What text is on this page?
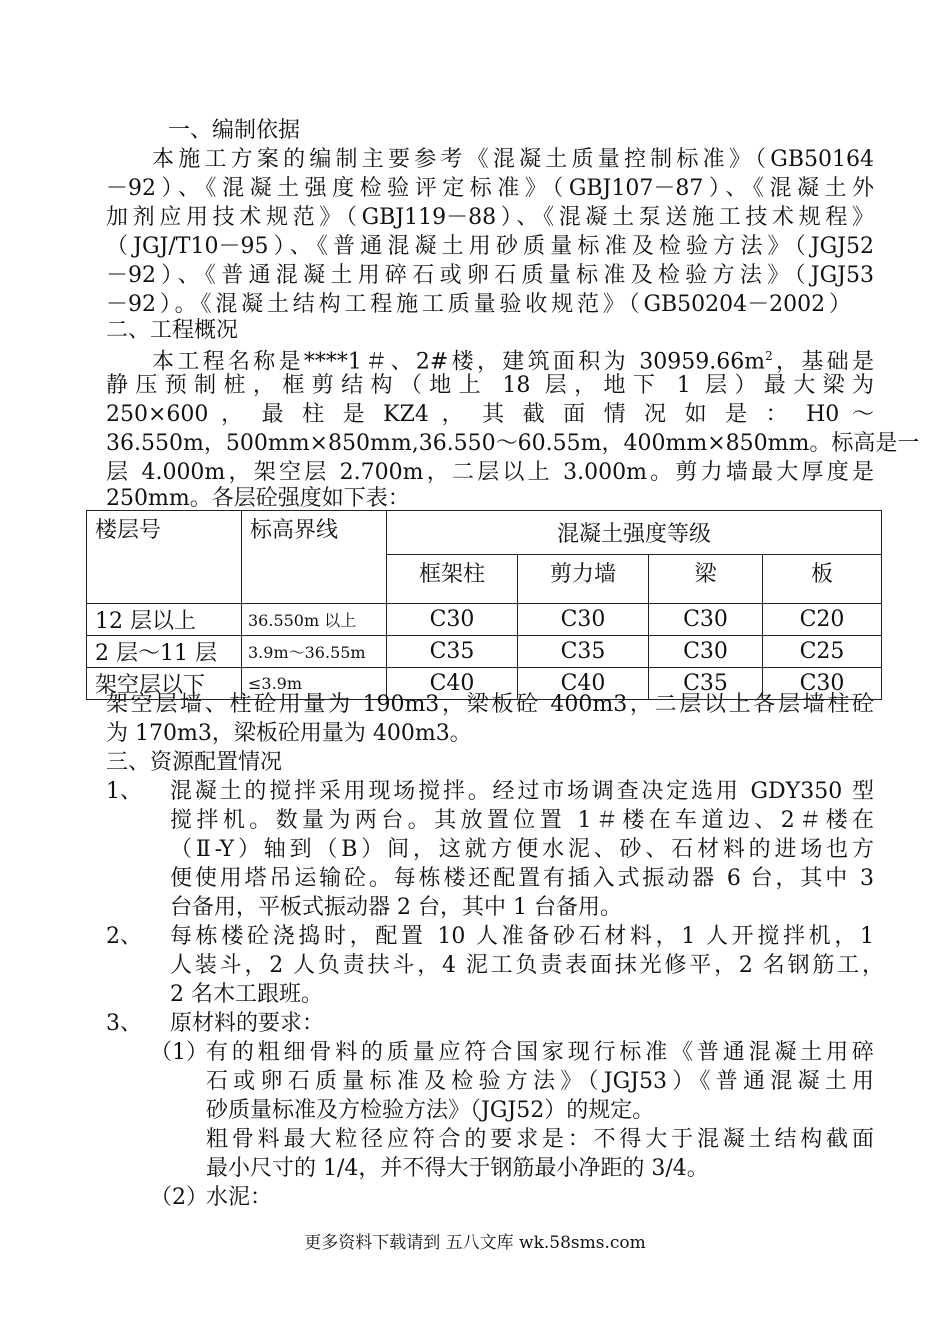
一、编制依据
本施工方案的编制主要参考《混凝土质量控制标准》（GB50164
－92）、《混凝土强度检验评定标准》（GBJ107－87）、《混凝土外
加剂应用技术规范》（GBJ119－88）、《混凝土泵送施工技术规程》
（JGJ/T10－95）、《普通混凝土用砂质量标准及检验方法》（JGJ52
－92）、《普通混凝土用碎石或卵石质量标准及检验方法》（JGJ53
－92）。《混凝土结构工程施工质量验收规范》（GB50204－2002）
二、工程概况
本工程名称是****1＃、2#楼，建筑面积为 $30959.66m^2$，基础是
静压预制桩，框剪结构（地上 18 层，地下 1 层）最大梁为
250×600 ， 最 柱 是 KZ4 ， 其 截 面 情 况 如 是 ： H0 ～
36.550m，500mm×850mm,36.550～60.55m，400mm×850mm。标高是一
层 4.000m，架空层 2.700m，二层以上 3.000m。剪力墙最大厚度是
250mm。各层砼强度如下表：
楼层号	标高界线	混凝土强度等级			
		框架柱	剪力墙	梁	板
12 层以上	36.550m 以上	C30	C30	C30	C20
2 层～11 层	3.9m～36.55m	C35	C35	C30	C25
架空层以下	≤3.9m	C40	C40	C35	C30
架空层墙、柱砼用量为 190m3，梁板砼 400m3，二层以上各层墙柱砼
为 170m3，梁板砼用量为 400m3。
三、资源配置情况
1、 混凝土的搅拌采用现场搅拌。经过市场调查决定选用 GDY350 型
搅拌机。数量为两台。其放置位置 1＃楼在车道边、2＃楼在
（Ⅱ-Y）轴到（B）间，这就方便水泥、砂、石材料的进场也方
便使用塔吊运输砼。每栋楼还配置有插入式振动器 6 台，其中 3
台备用，平板式振动器 2 台，其中 1 台备用。
2、 每栋楼砼浇捣时，配置 10 人准备砂石材料，1 人开搅拌机，1
人装斗，2 人负责扶斗，4 泥工负责表面抹光修平，2 名钢筋工，
2 名木工跟班。
3、 原材料的要求：
（1）
有的粗细骨料的质量应符合国家现行标准《普通混凝土用碎
石或卵石质量标准及检验方法》（JGJ53）《普通混凝土用
砂质量标准及方检验方法》（JGJ52）的规定。
粗骨料最大粒径应符合的要求是：不得大于混凝土结构截面
最小尺寸的 1/4，并不得大于钢筋最小净距的 3/4。
（2）
水泥：
更多资料下载请到 五八文库 wk.58sms.com
